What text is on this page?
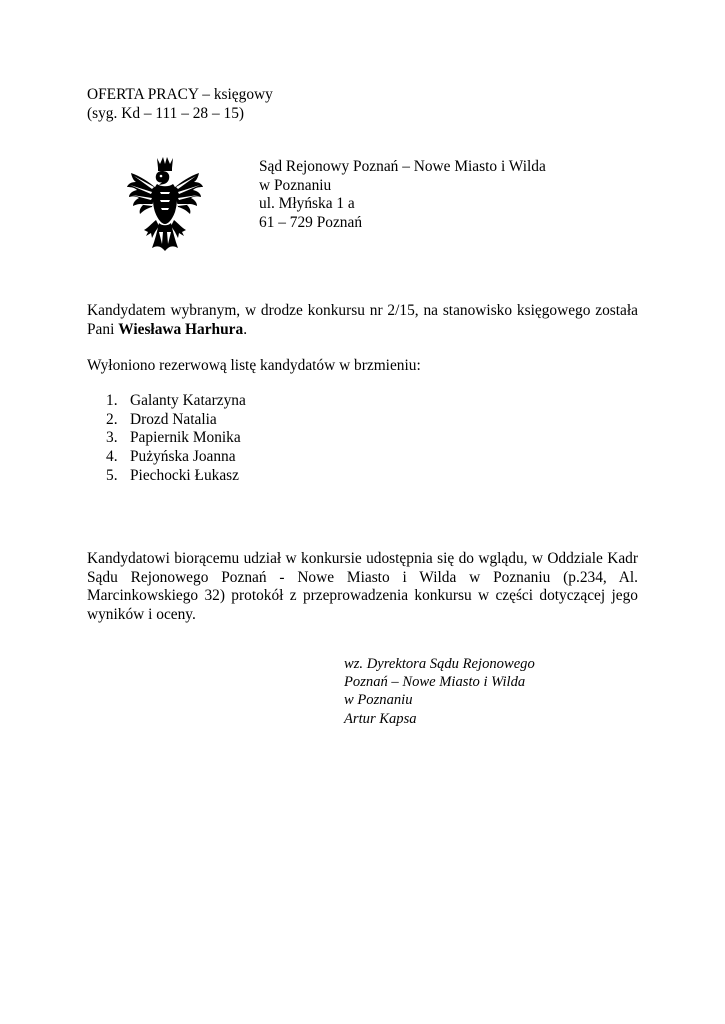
OFERTA PRACY – księgowy
(syg. Kd – 111 – 28 – 15)
Sąd Rejonowy Poznań – Nowe Miasto i Wilda
w Poznaniu
ul. Młyńska 1 a
61 – 729 Poznań

Kandydatem wybranym, w drodze konkursu nr 2/15, na stanowisko księgowego została Pani Wiesława Harhura.

Wyłoniono rezerwową listę kandydatów w brzmieniu:
1. Galanty Katarzyna
2. Drozd Natalia
3. Papiernik Monika
4. Pużyńska Joanna
5. Piechocki Łukasz

Kandydatowi biorącemu udział w konkursie udostępnia się do wglądu, w Oddziale Kadr Sądu Rejonowego Poznań - Nowe Miasto i Wilda w Poznaniu (p.234, Al. Marcinkowskiego 32) protokół z przeprowadzenia konkursu w części dotyczącej jego wyników i oceny.

wz. Dyrektora Sądu Rejonowego
Poznań – Nowe Miasto i Wilda
w Poznaniu
Artur Kapsa
